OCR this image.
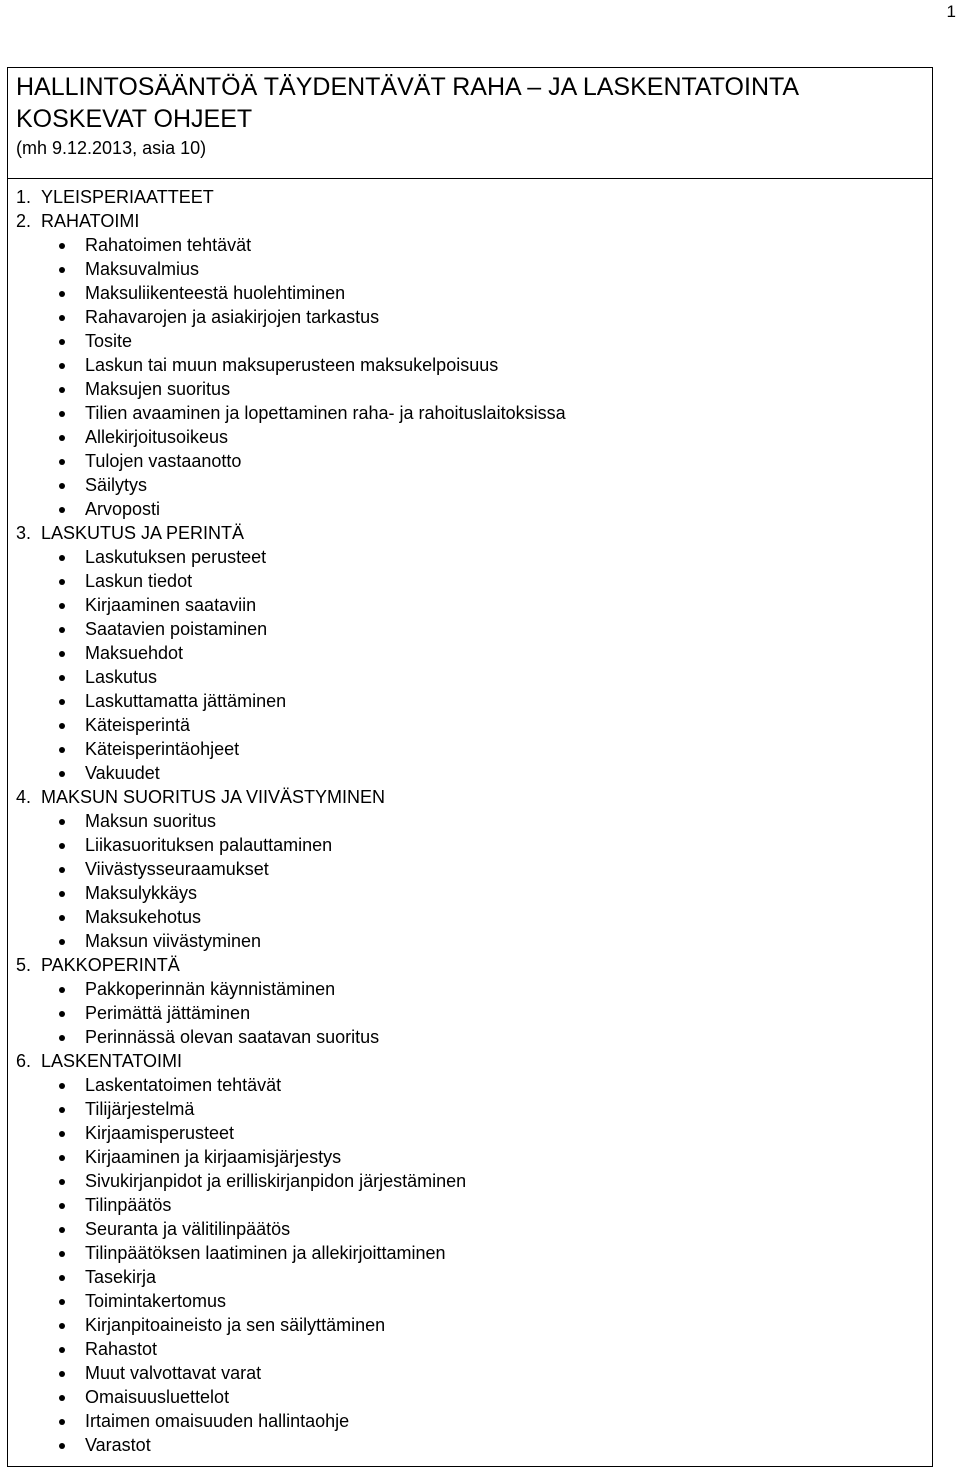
1
HALLINTOSÄÄNTÖÄ TÄYDENTÄVÄT RAHA – JA LASKENTATOINTA KOSKEVAT OHJEET
(mh 9.12.2013, asia 10)
1. YLEISPERIAATTEET
2. RAHATOIMI
Rahatoimen tehtävät
Maksuvalmius
Maksuliikenteestä huolehtiminen
Rahavarojen ja asiakirjojen tarkastus
Tosite
Laskun tai muun maksuperusteen maksukelpoisuus
Maksujen suoritus
Tilien avaaminen ja lopettaminen raha- ja rahoituslaitoksissa
Allekirjoitusoikeus
Tulojen vastaanotto
Säilytys
Arvoposti
3. LASKUTUS JA PERINTÄ
Laskutuksen perusteet
Laskun tiedot
Kirjaaminen saataviin
Saatavien poistaminen
Maksuehdot
Laskutus
Laskuttamatta jättäminen
Käteisperintä
Käteisperintäohjeet
Vakuudet
4. MAKSUN SUORITUS JA VIIVÄSTYMINEN
Maksun suoritus
Liikasuorituksen palauttaminen
Viivästysseuraamukset
Maksulykkäys
Maksukehotus
Maksun viivästyminen
5. PAKKOPERINTÄ
Pakkoperinnän käynnistäminen
Perimättä jättäminen
Perinnässä olevan saatavan suoritus
6. LASKENTATOIMI
Laskentatoimen tehtävät
Tilijärjestelmä
Kirjaamisperusteet
Kirjaaminen ja kirjaamisjärjestys
Sivukirjanpidot ja erilliskirjanpidon järjestäminen
Tilinpäätös
Seuranta ja välitilinpäätös
Tilinpäätöksen laatiminen ja allekirjoittaminen
Tasekirja
Toimintakertomus
Kirjanpitoaineisto ja sen säilyttäminen
Rahastot
Muut valvottavat varat
Omaisuusluettelot
Irtaimen omaisuuden hallintaohje
Varastot
